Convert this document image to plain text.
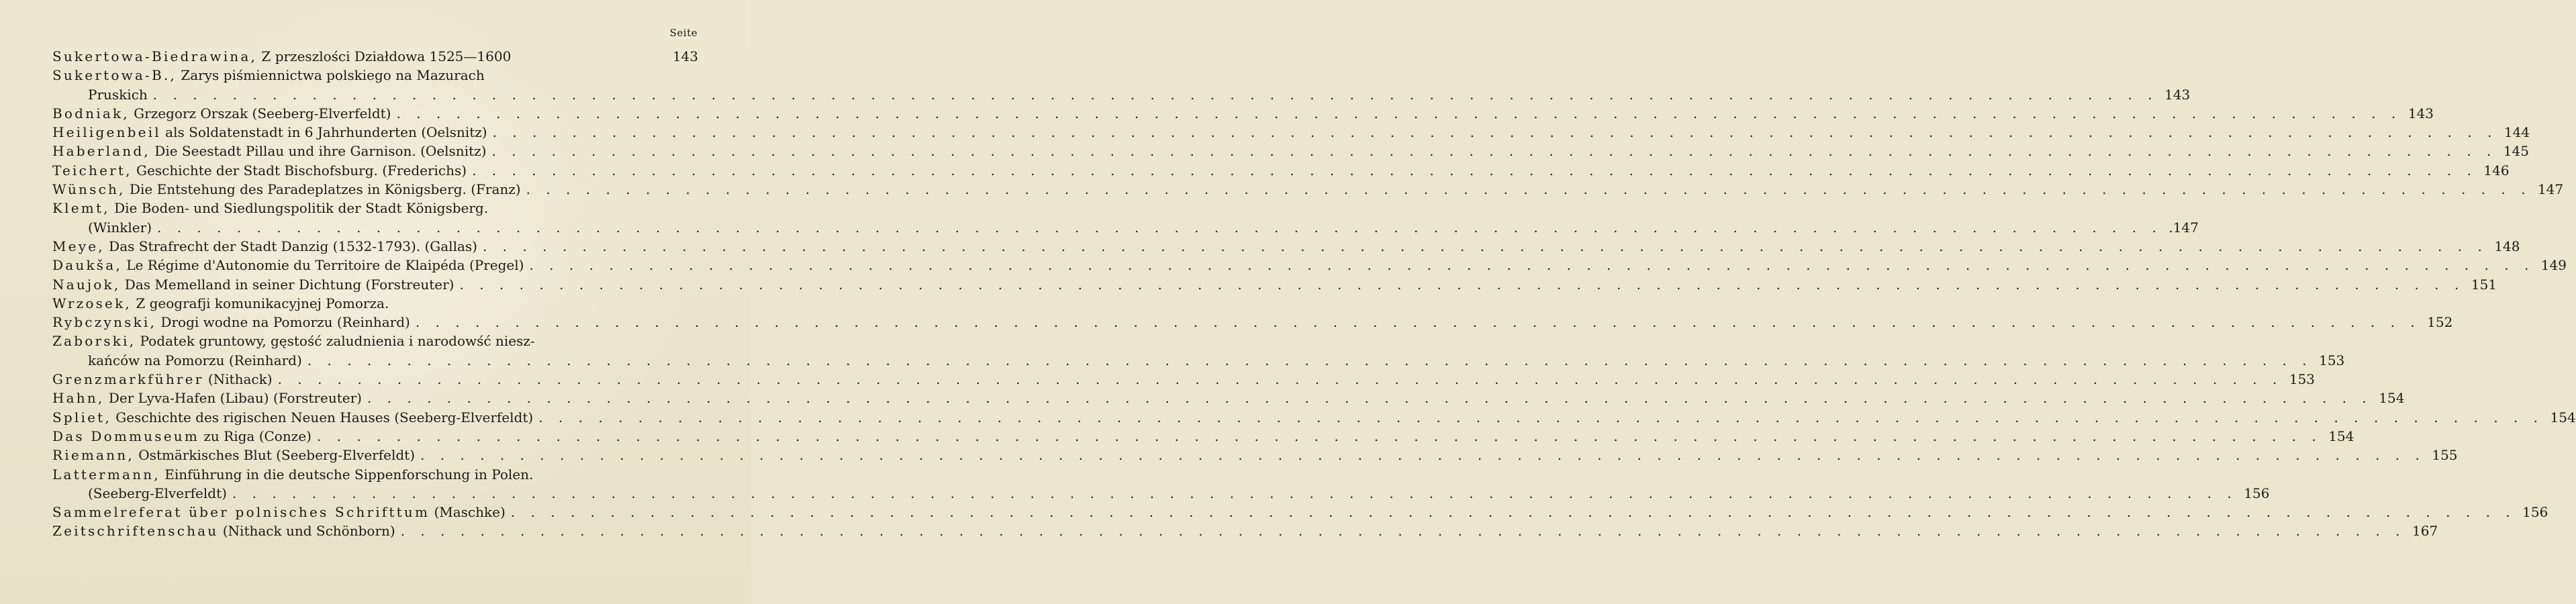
Seite
Sukertowa-Biedrawina, Z przeszlości Działdowa 1525—1600	143
Sukertowa-B., Zarys piśmiennictwa polskiego na Mazurach
Pruskich . . .	143
Bodniak, Grzegorz Orszak (Seeberg-Elverfeldt) . . .	143
Heiligenbeil als Soldatenstadt in 6 Jahrhunderten (Oelsnitz) . . .	144
Haberland, Die Seestadt Pillau und ihre Garnison. (Oelsnitz) . . .	145
Teichert, Geschichte der Stadt Bischofsburg. (Frederichs) . . .	146
Wünsch, Die Entstehung des Paradeplatzes in Königsberg. (Franz) . . .	147
Klemt, Die Boden- und Siedlungspolitik der Stadt Königsberg.
(Winkler) . . .	.147
Meye, Das Strafrecht der Stadt Danzig (1532-1793). (Gallas) . . .	148
Daukša, Le Régime d'Autonomie du Territoire de Klaipéda (Pregel) . . .	149
Naujok, Das Memelland in seiner Dichtung (Forstreuter) . . .	151
Wrzosek, Z geografji komunikacyjnej Pomorza.
Rybczynski, Drogi wodne na Pomorzu (Reinhard) . . .	152
Zaborski, Podatek gruntowy, gęstość zaludnienia i narodowść niesz-
kańców na Pomorzu (Reinhard) . . .	153
Grenzmarkführer (Nithack) . . .	153
Hahn, Der Lyva-Hafen (Libau) (Forstreuter) . . .	154
Spliet, Geschichte des rigischen Neuen Hauses (Seeberg-Elverfeldt) . . .	154
Das Dommuseum zu Riga (Conze) . . .	154
Riemann, Ostmärkisches Blut (Seeberg-Elverfeldt) . . .	155
Lattermann, Einführung in die deutsche Sippenforschung in Polen.
(Seeberg-Elverfeldt) . . .	156
Sammelreferat über polnisches Schrifttum (Maschke) . . .	156
Zeitschriftenschau (Nithack und Schönborn) . . .	167
